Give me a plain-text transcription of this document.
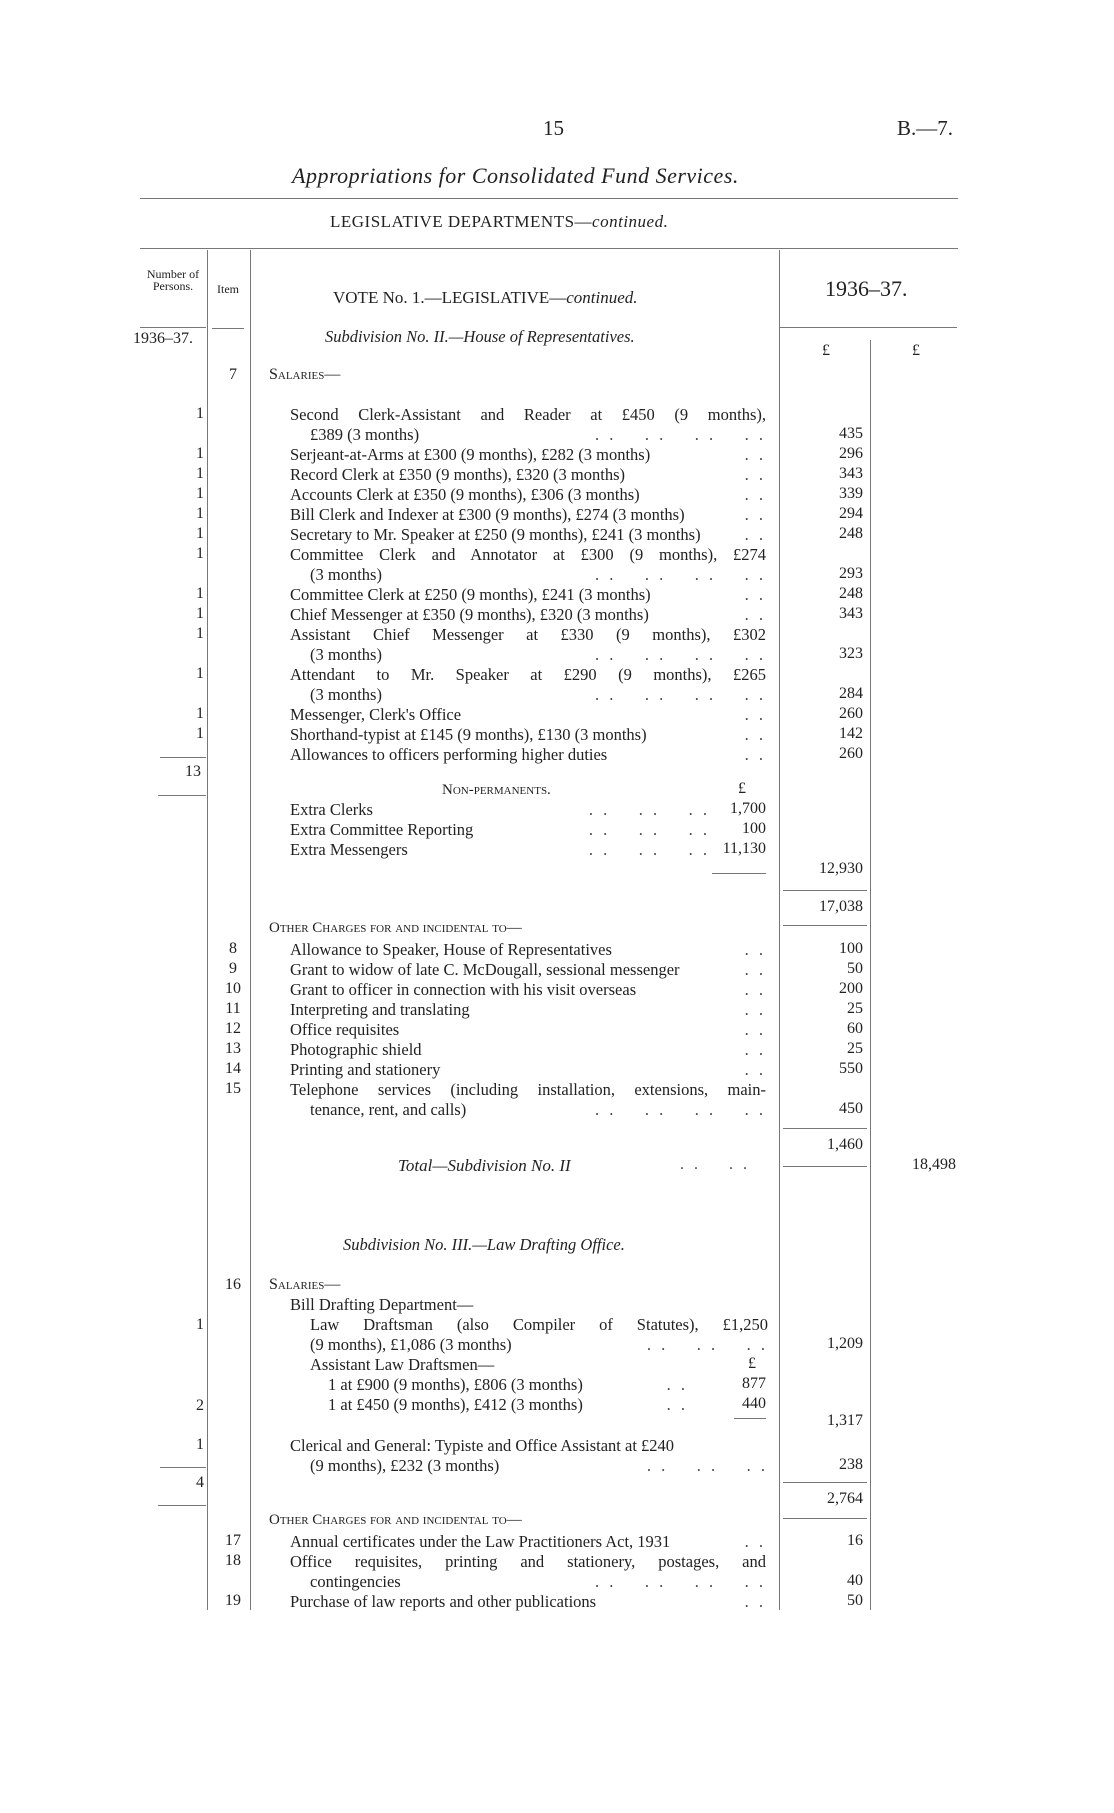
15	B.—7.
Appropriations for Consolidated Fund Services.
LEGISLATIVE DEPARTMENTS—continued.
Number of Persons.	Item
1936–37.
1936–37.
£	£
VOTE No. 1.—LEGISLATIVE—continued.
Subdivision No. II.—House of Representatives.
7	Salaries—
1	Second Clerk-Assistant and Reader at £450 (9 months),
£389 (3 months)	. .    . .    . .    . .	435
1	Serjeant-at-Arms at £300 (9 months), £282 (3 months)	. .	296
1	Record Clerk at £350 (9 months), £320 (3 months)	. .	343
1	Accounts Clerk at £350 (9 months), £306 (3 months)	. .	339
1	Bill Clerk and Indexer at £300 (9 months), £274 (3 months)	. .	294
1	Secretary to Mr. Speaker at £250 (9 months), £241 (3 months)	. .	248
1	Committee Clerk and Annotator at £300 (9 months), £274
(3 months)	. .    . .    . .    . .	293
1	Committee Clerk at £250 (9 months), £241 (3 months)	. .	248
1	Chief Messenger at £350 (9 months), £320 (3 months)	. .	343
1	Assistant Chief Messenger at £330 (9 months), £302
(3 months)	. .    . .    . .    . .	323
1	Attendant to Mr. Speaker at £290 (9 months), £265
(3 months)	. .    . .    . .    . .	284
1	Messenger, Clerk's Office	. .	260
1	Shorthand-typist at £145 (9 months), £130 (3 months)	. .	142
Allowances to officers performing higher duties	. .	260
13
Non-permanents.	£
Extra Clerks	. .    . .    . .	1,700
Extra Committee Reporting	. .    . .    . .	100
Extra Messengers	. .    . .    . . 11,130
12,930
17,038
Other Charges for and incidental to—
8	Allowance to Speaker, House of Representatives	. .	100
9	Grant to widow of late C. McDougall, sessional messenger	. .	50
10	Grant to officer in connection with his visit overseas	. .	200
11	Interpreting and translating	. .	25
12	Office requisites	. .	60
13	Photographic shield	. .	25
14	Printing and stationery	. .	550
15	Telephone services (including installation, extensions, main-
tenance, rent, and calls)	. .    . .    . .    . .	450
1,460
Total—Subdivision No. II	. .    . .	18,498
Subdivision No. III.—Law Drafting Office.
16	Salaries—
Bill Drafting Department—
1	Law Draftsman (also Compiler of Statutes), £1,250
(9 months), £1,086 (3 months)	. .    . .    . .	1,209
Assistant Law Draftsmen—	£
1 at £900 (9 months), £806 (3 months)	. .	877
1 at £450 (9 months), £412 (3 months)	. .	440
2
1,317
1	Clerical and General: Typiste and Office Assistant at £240
(9 months), £232 (3 months)	. .    . .    . .	238
4
2,764
Other Charges for and incidental to—
17	Annual certificates under the Law Practitioners Act, 1931	. .	16
18	Office requisites, printing and stationery, postages, and
contingencies	. .    . .    . .    . .	40
19	Purchase of law reports and other publications	. .	50
